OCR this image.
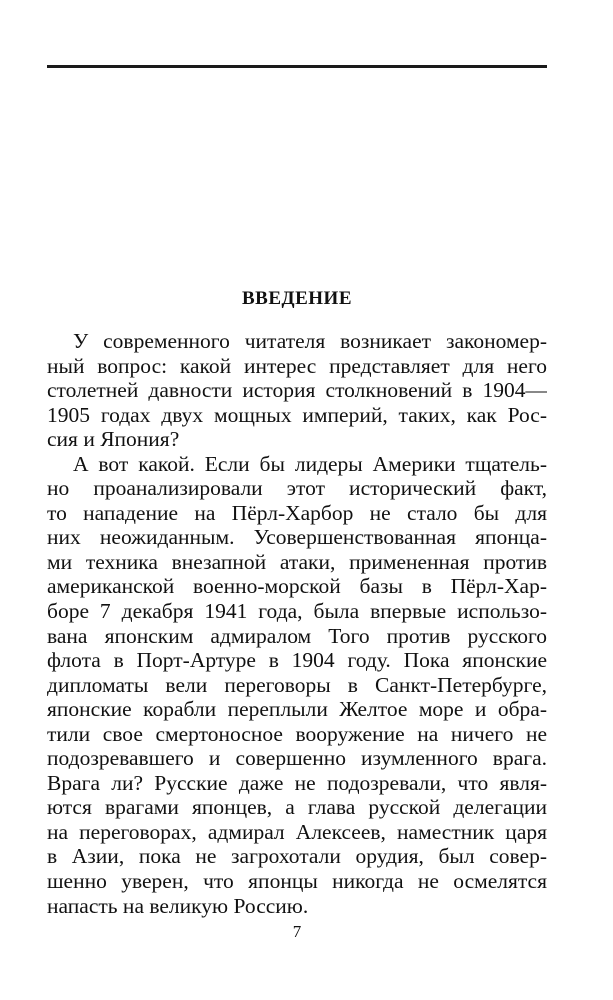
ВВЕДЕНИЕ
У современного читателя возникает закономер-
ный вопрос: какой интерес представляет для него
столетней давности история столкновений в 1904—
1905 годах двух мощных империй, таких, как Рос-
сия и Япония?
А вот какой. Если бы лидеры Америки тщатель-
но проанализировали этот исторический факт,
то нападение на Пёрл-Харбор не стало бы для
них неожиданным. Усовершенствованная японца-
ми техника внезапной атаки, примененная против
американской военно-морской базы в Пёрл-Хар-
боре 7 декабря 1941 года, была впервые использо-
вана японским адмиралом Того против русского
флота в Порт-Артуре в 1904 году. Пока японские
дипломаты вели переговоры в Санкт-Петербурге,
японские корабли переплыли Желтое море и обра-
тили свое смертоносное вооружение на ничего не
подозревавшего и совершенно изумленного врага.
Врага ли? Русские даже не подозревали, что явля-
ются врагами японцев, а глава русской делегации
на переговорах, адмирал Алексеев, наместник царя
в Азии, пока не загрохотали орудия, был совер-
шенно уверен, что японцы никогда не осмелятся
напасть на великую Россию.
7
